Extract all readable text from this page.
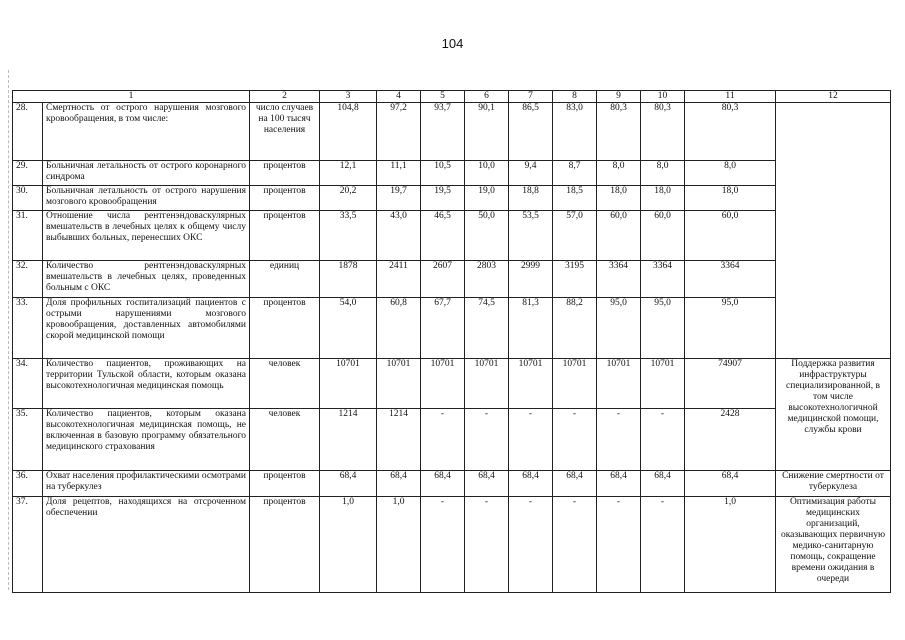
104
1		2	3	4	5	6	7	8	9	10	11	12
28.	Смертность от острого нарушения мозгового кровообращения, в том числе:	число случаев на 100 тысяч населения	104,8	97,2	93,7	90,1	86,5	83,0	80,3	80,3	80,3	
29.	Больничная летальность от острого коронарного синдрома	процентов	12,1	11,1	10,5	10,0	9,4	8,7	8,0	8,0	8,0	
30.	Больничная летальность от острого нарушения мозгового кровообращения	процентов	20,2	19,7	19,5	19,0	18,8	18,5	18,0	18,0	18,0	
31.	Отношение числа рентгенэндоваскулярных вмешательств в лечебных целях к общему числу выбывших больных, перенесших ОКС	процентов	33,5	43,0	46,5	50,0	53,5	57,0	60,0	60,0	60,0	
32.	Количество рентгенэндоваскулярных вмешательств в лечебных целях, проведенных больным с ОКС	единиц	1878	2411	2607	2803	2999	3195	3364	3364	3364	
33.	Доля профильных госпитализаций пациентов с острыми нарушениями мозгового кровообращения, доставленных автомобилями скорой медицинской помощи	процентов	54,0	60,8	67,7	74,5	81,3	88,2	95,0	95,0	95,0	
34.	Количество пациентов, проживающих на территории Тульской области, которым оказана высокотехнологичная медицинская помощь	человек	10701	10701	10701	10701	10701	10701	10701	10701	74907	Поддержка развития инфраструктуры специализированной, в том числе высокотехнологичной медицинской помощи, службы крови
35.	Количество пациентов, которым оказана высокотехнологичная медицинская помощь, не включенная в базовую программу обязательного медицинского страхования	человек	1214	1214	-	-	-	-	-	-	2428	
36.	Охват населения профилактическими осмотрами на туберкулез	процентов	68,4	68,4	68,4	68,4	68,4	68,4	68,4	68,4	68,4	Снижение смертности от туберкулеза
37.	Доля рецептов, находящихся на отсроченном обеспечении	процентов	1,0	1,0	-	-	-	-	-	-	1,0	Оптимизация работы медицинских организаций, оказывающих первичную медико-санитарную помощь, сокращение времени ожидания в очереди
